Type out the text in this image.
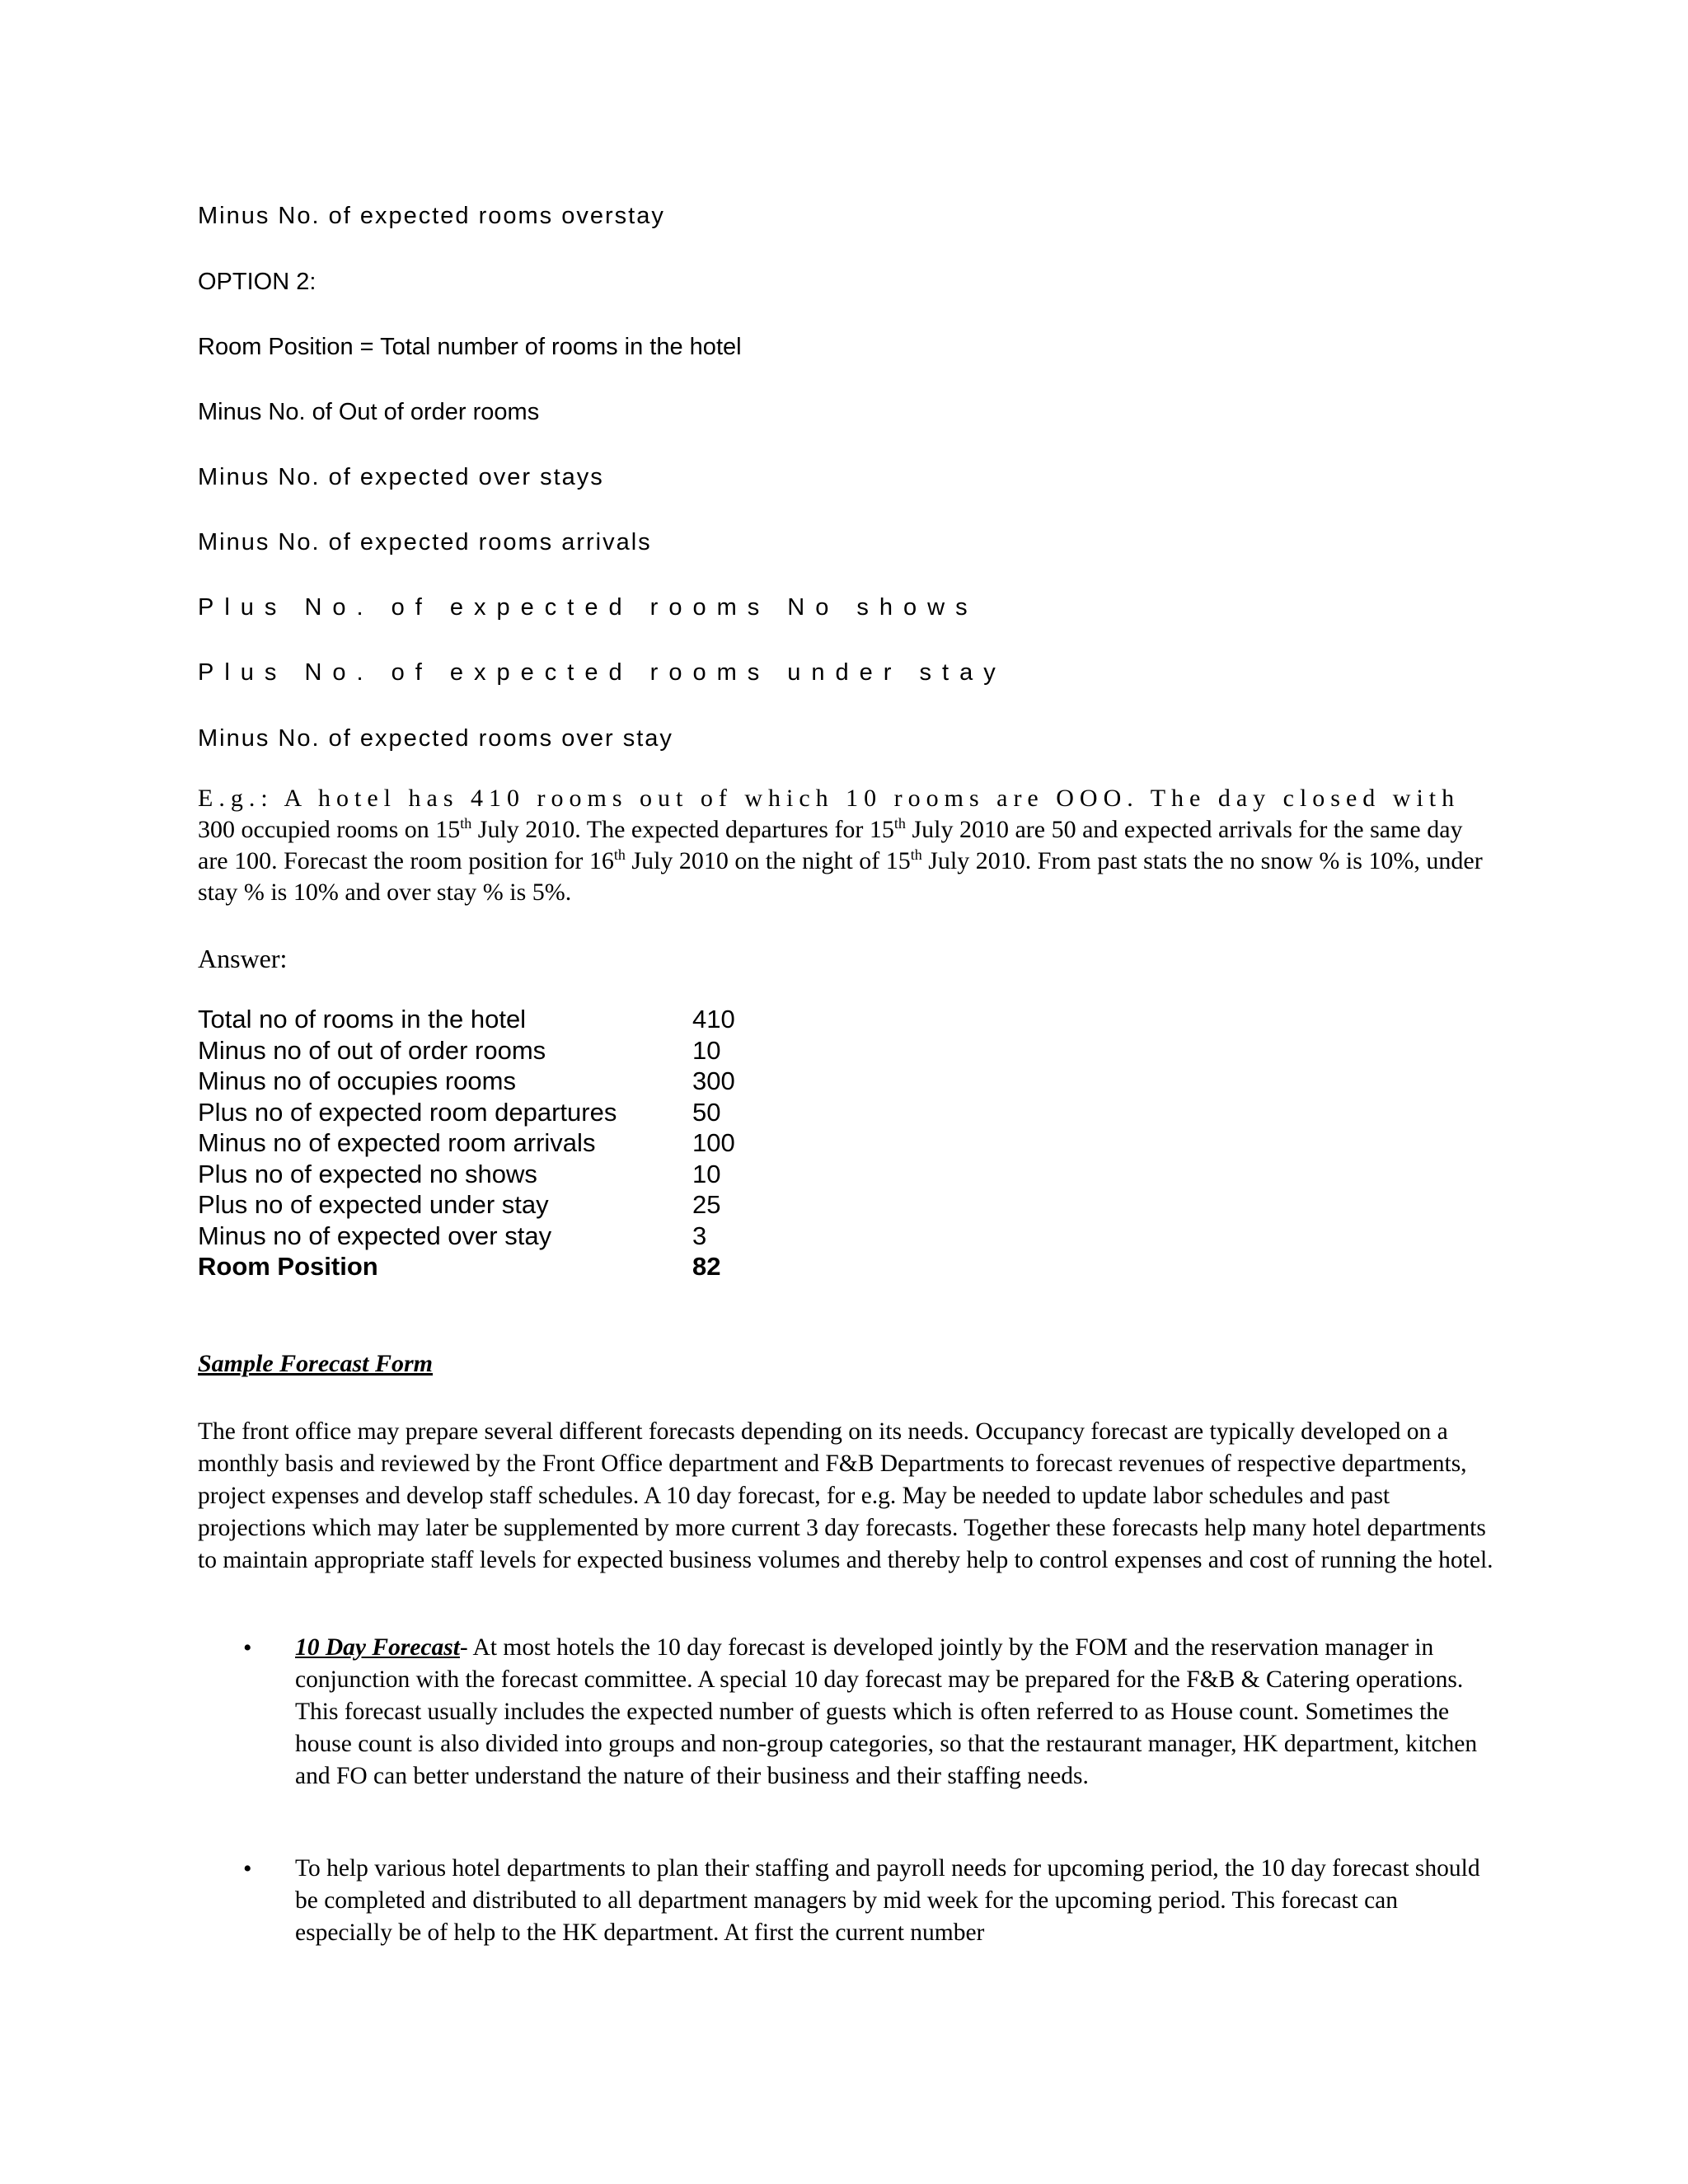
Minus No. of expected rooms overstay
OPTION 2:
Room Position = Total number of rooms in the hotel
Minus No. of Out of order rooms
Minus No. of expected over stays
Minus No. of expected rooms arrivals
Plus No. of expected rooms No shows
Plus No. of expected rooms under stay
Minus No. of expected rooms over stay
E.g.: A hotel has 410 rooms out of which 10 rooms are OOO. The day closed with
300 occupied rooms on 15th July 2010. The expected departures for 15th July 2010 are 50 and expected arrivals for the same day are 100. Forecast the room position for 16th July 2010 on the night of 15th July 2010. From past stats the no snow % is 10%, under stay % is 10% and over stay % is 5%.
Answer:
Total no of rooms in the hotel	410
Minus no of out of order rooms	10
Minus no of occupies rooms	300
Plus no of expected room departures	50
Minus no of expected room arrivals	100
Plus no of expected no shows	10
Plus no of expected under stay	25
Minus no of expected over stay	3
Room Position	82
Sample Forecast Form
The front office may prepare several different forecasts depending on its needs. Occupancy forecast are typically developed on a monthly basis and reviewed by the Front Office department and F&B Departments to forecast revenues of respective departments, project expenses and develop staff schedules. A 10 day forecast, for e.g. May be needed to update labor schedules and past projections which may later be supplemented by more current 3 day forecasts. Together these forecasts help many hotel departments to maintain appropriate staff levels for expected business volumes and thereby help to control expenses and cost of running the hotel.
• 10 Day Forecast- At most hotels the 10 day forecast is developed jointly by the FOM and the reservation manager in conjunction with the forecast committee. A special 10 day forecast may be prepared for the F&B & Catering operations. This forecast usually includes the expected number of guests which is often referred to as House count. Sometimes the house count is also divided into groups and non-group categories, so that the restaurant manager, HK department, kitchen and FO can better understand the nature of their business and their staffing needs.
• To help various hotel departments to plan their staffing and payroll needs for upcoming period, the 10 day forecast should be completed and distributed to all department managers by mid week for the upcoming period. This forecast can especially be of help to the HK department. At first the current number
